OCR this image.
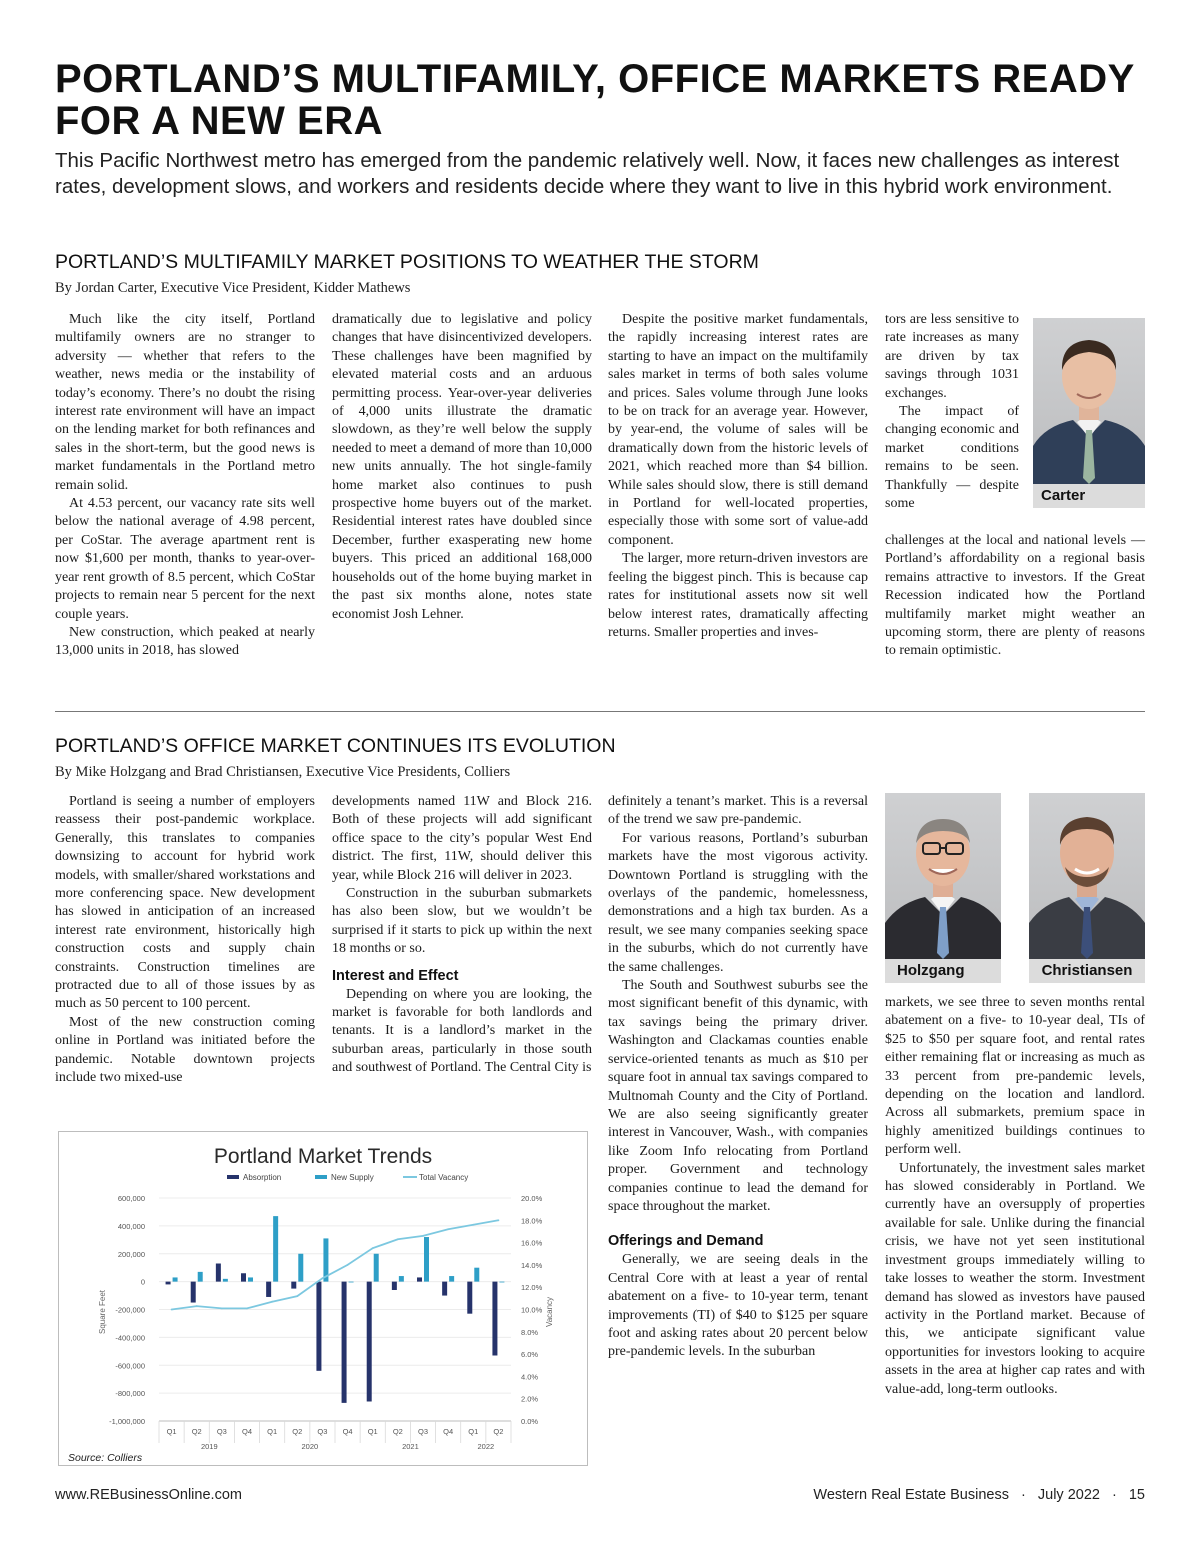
PORTLAND’S MULTIFAMILY, OFFICE MARKETS READY FOR A NEW ERA

This Pacific Northwest metro has emerged from the pandemic relatively well. Now, it faces new challenges as interest rates, development slows, and workers and residents decide where they want to live in this hybrid work environment.

PORTLAND’S MULTIFAMILY MARKET POSITIONS TO WEATHER THE STORM

By Jordan Carter, Executive Vice President, Kidder Mathews

Much like the city itself, Portland multifamily owners are no stranger to adversity — whether that refers to the weather, news media or the instability of today’s economy. There’s no doubt the rising interest rate environment will have an impact on the lending market for both refinances and sales in the short-term, but the good news is market fundamentals in the Portland metro remain solid.

At 4.53 percent, our vacancy rate sits well below the national average of 4.98 percent, per CoStar. The average apartment rent is now $1,600 per month, thanks to year-over-year rent growth of 8.5 percent, which CoStar projects to remain near 5 percent for the next couple years.

New construction, which peaked at nearly 13,000 units in 2018, has slowed

dramatically due to legislative and policy changes that have disincentivized developers. These challenges have been magnified by elevated material costs and an arduous permitting process. Year-over-year deliveries of 4,000 units illustrate the dramatic slowdown, as they’re well below the supply needed to meet a demand of more than 10,000 new units annually. The hot single-family home market also continues to push prospective home buyers out of the market. Residential interest rates have doubled since December, further exasperating new home buyers. This priced an additional 168,000 households out of the home buying market in the past six months alone, notes state economist Josh Lehner.

Despite the positive market fundamentals, the rapidly increasing interest rates are starting to have an impact on the multifamily sales market in terms of both sales volume and prices. Sales volume through June looks to be on track for an average year. However, by year-end, the volume of sales will be dramatically down from the historic levels of 2021, which reached more than $4 billion. While sales should slow, there is still demand in Portland for well-located properties, especially those with some sort of value-add component.

The larger, more return-driven investors are feeling the biggest pinch. This is because cap rates for institutional assets now sit well below interest rates, dramatically affecting returns. Smaller properties and inves-

tors are less sensitive to rate increases as many are driven by tax savings through 1031 exchanges.

The impact of changing economic and market conditions remains to be seen. Thankfully — despite some

challenges at the local and national levels — Portland’s affordability on a regional basis remains attractive to investors. If the Great Recession indicated how the Portland multifamily market might weather an upcoming storm, there are plenty of reasons to remain optimistic.

Carter
PORTLAND’S OFFICE MARKET CONTINUES ITS EVOLUTION

By Mike Holzgang and Brad Christiansen, Executive Vice Presidents, Colliers

Portland is seeing a number of employers reassess their post-pandemic workplace. Generally, this translates to companies downsizing to account for hybrid work models, with smaller/shared workstations and more conferencing space. New development has slowed in anticipation of an increased interest rate environment, historically high construction costs and supply chain constraints. Construction timelines are protracted due to all of those issues by as much as 50 percent to 100 percent.

Most of the new construction coming online in Portland was initiated before the pandemic. Notable downtown projects include two mixed-use

developments named 11W and Block 216. Both of these projects will add significant office space to the city’s popular West End district. The first, 11W, should deliver this year, while Block 216 will deliver in 2023.

Construction in the suburban submarkets has also been slow, but we wouldn’t be surprised if it starts to pick up within the next 18 months or so.

Interest and Effect

Depending on where you are looking, the market is favorable for both landlords and tenants. It is a landlord’s market in the suburban areas, particularly in those south and southwest of Portland. The Central City is

definitely a tenant’s market. This is a reversal of the trend we saw pre-pandemic.

For various reasons, Portland’s suburban markets have the most vigorous activity. Downtown Portland is struggling with the overlays of the pandemic, homelessness, demonstrations and a high tax burden. As a result, we see many companies seeking space in the suburbs, which do not currently have the same challenges.

The South and Southwest suburbs see the most significant benefit of this dynamic, with tax savings being the primary driver. Washington and Clackamas counties enable service-oriented tenants as much as $10 per square foot in annual tax savings compared to Multnomah County and the City of Portland. We are also seeing significantly greater interest in Vancouver, Wash., with companies like Zoom Info relocating from Portland proper. Government and technology companies continue to lead the demand for space throughout the market.

Offerings and Demand

Generally, we are seeing deals in the Central Core with at least a year of rental abatement on a five- to 10-year term, tenant improvements (TI) of $40 to $125 per square foot and asking rates about 20 percent below pre-pandemic levels. In the suburban

Holzgang	Christiansen

markets, we see three to seven months rental abatement on a five- to 10-year deal, TIs of $25 to $50 per square foot, and rental rates either remaining flat or increasing as much as 33 percent from pre-pandemic levels, depending on the location and landlord. Across all submarkets, premium space in highly amenitized buildings continues to perform well.

Unfortunately, the investment sales market has slowed considerably in Portland. We currently have an oversupply of properties available for sale. Unlike during the financial crisis, we have not yet seen institutional investment groups immediately willing to take losses to weather the storm. Investment demand has slowed as investors have paused activity in the Portland market. Because of this, we anticipate significant value opportunities for investors looking to acquire assets in the area at higher cap rates and with value-add, long-term outlooks.

Portland Market Trends
Absorption	New Supply	Total Vacancy
600,000
400,000
200,000
0
-200,000
-400,000
-600,000
-800,000
-1,000,000
20.0%
18.0%
16.0%
14.0%
12.0%
10.0%
8.0%
6.0%
4.0%
2.0%
0.0%
Q1 Q2 Q3 Q4 Q1 Q2 Q3 Q4 Q1 Q2 Q3 Q4 Q1 Q2
2019	2020	2021	2022
Square Feet	Vacancy
Source: Colliers
www.REBusinessOnline.com	Western Real Estate Business · July 2022 · 15
